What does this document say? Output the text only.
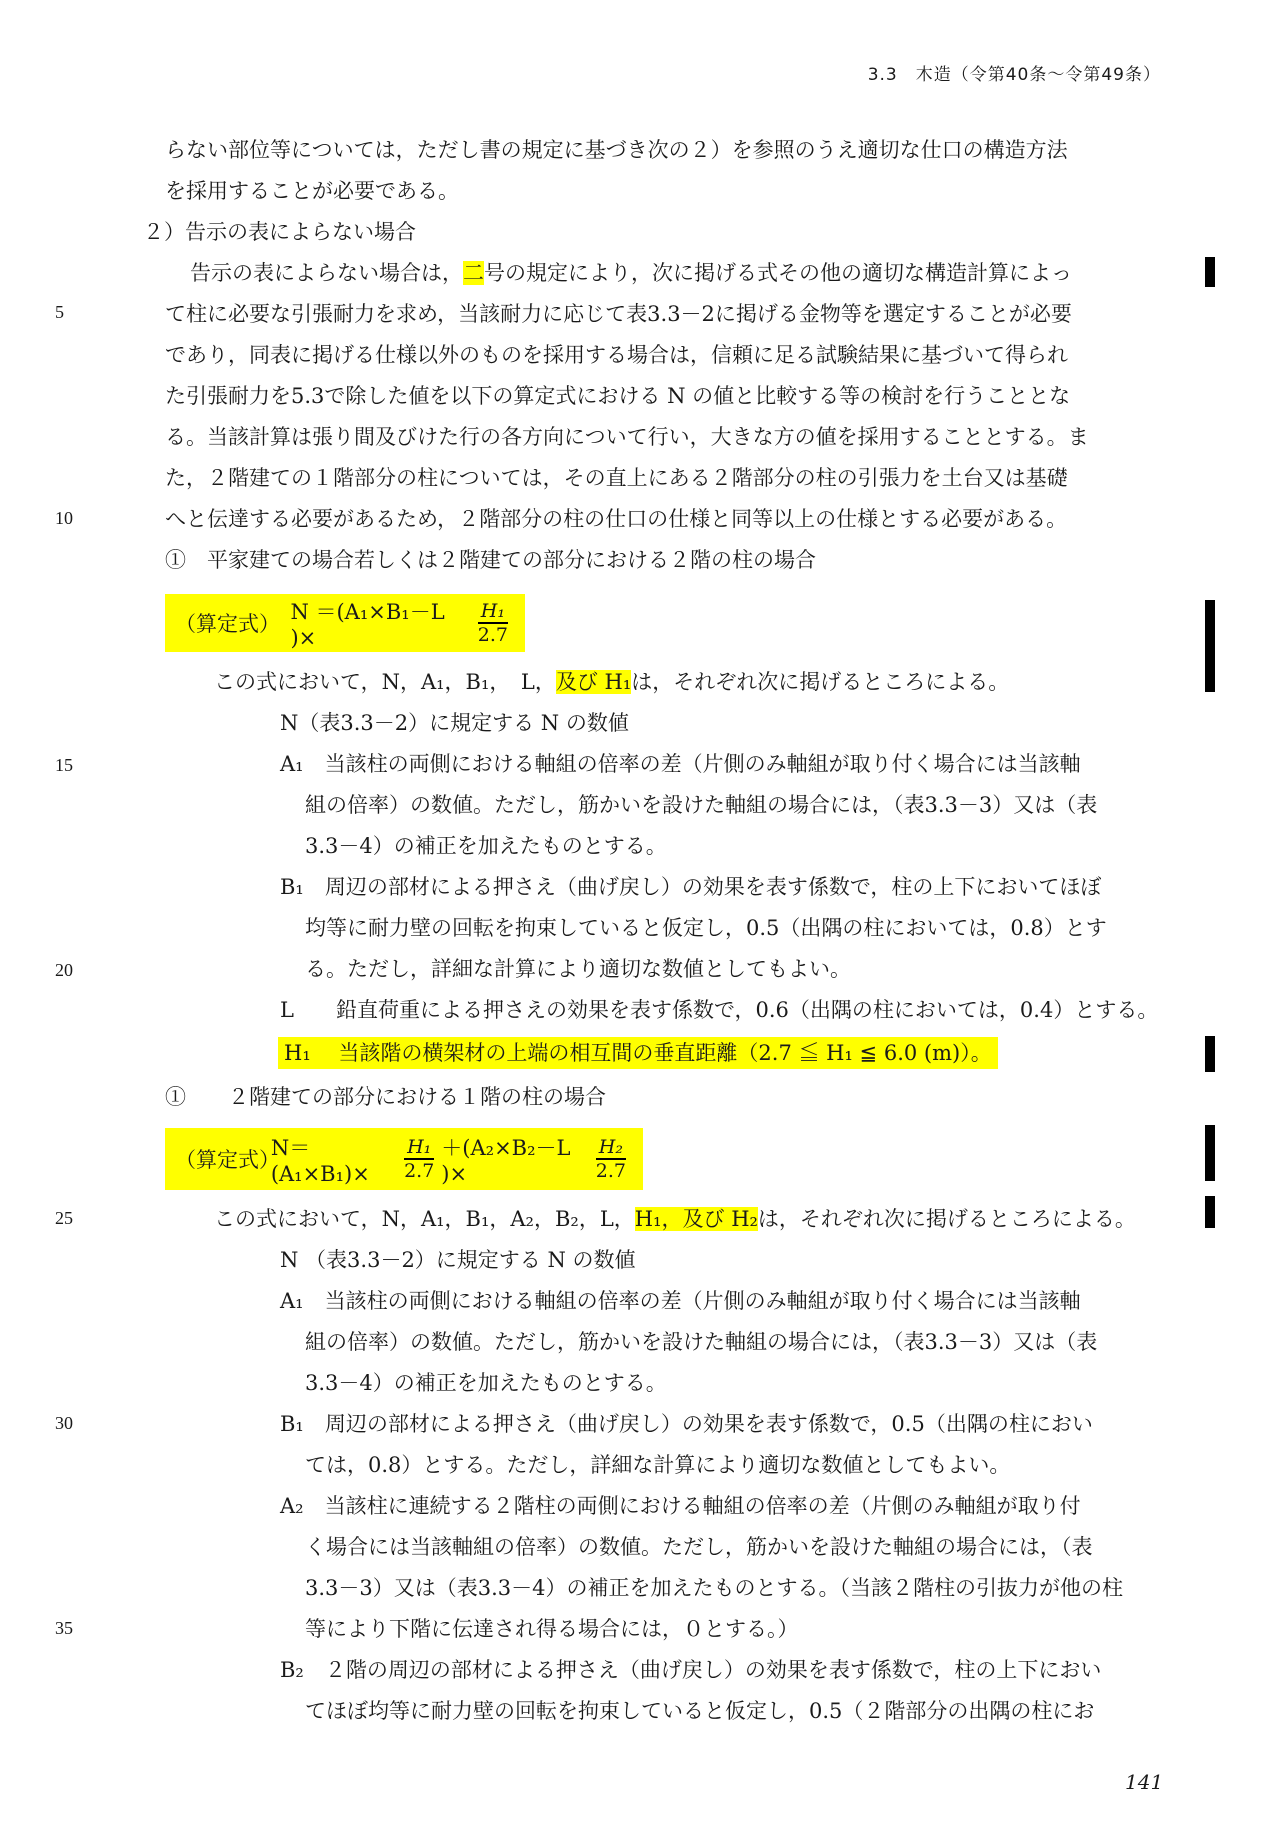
3.3　木造（令第40条～令第49条）
5
10
15
20
25
30
35
らない部位等については，ただし書の規定に基づき次の２）を参照のうえ適切な仕口の構造方法
を採用することが必要である。
２）告示の表によらない場合
告示の表によらない場合は，二号の規定により，次に掲げる式その他の適切な構造計算によっ
て柱に必要な引張耐力を求め，当該耐力に応じて表3.3－2に掲げる金物等を選定することが必要
であり，同表に掲げる仕様以外のものを採用する場合は，信頼に足る試験結果に基づいて得られ
た引張耐力を5.3で除した値を以下の算定式における N の値と比較する等の検討を行うこととな
る。当該計算は張り間及びけた行の各方向について行い，大きな方の値を採用することとする。ま
た，２階建ての１階部分の柱については，その直上にある２階部分の柱の引張力を土台又は基礎
へと伝達する必要があるため，２階部分の柱の仕口の仕様と同等以上の仕様とする必要がある。
①　平家建ての場合若しくは２階建ての部分における２階の柱の場合
（算定式） N ＝(A₁×B₁－L )×	$\frac{\text{H₁}}{2.7}$
この式において，N，A₁，B₁，　L，及び H₁は，それぞれ次に掲げるところによる。
N（表3.3－2）に規定する N の数値
A₁　当該柱の両側における軸組の倍率の差（片側のみ軸組が取り付く場合には当該軸
組の倍率）の数値。ただし，筋かいを設けた軸組の場合には，（表3.3－3）又は（表
3.3－4）の補正を加えたものとする。
B₁　周辺の部材による押さえ（曲げ戻し）の効果を表す係数で，柱の上下においてほぼ
均等に耐力壁の回転を拘束していると仮定し，0.5（出隅の柱においては，0.8）とす
る。ただし，詳細な計算により適切な数値としてもよい。
L　　鉛直荷重による押さえの効果を表す係数で，0.6（出隅の柱においては，0.4）とする。
H₁　 当該階の横架材の上端の相互間の垂直距離（2.7 ≦ H₁ ≦ 6.0 (m)）。
①　　２階建ての部分における１階の柱の場合
（算定式）
N＝(A₁×B₁)×	$\frac{\text{H₁}}{2.7} +(A_2\times B_2-L$ )×	$\frac{\text{H₂}}{2.7}$
この式において，N，A₁，B₁，A₂，B₂，L，H₁，及び H₂は，それぞれ次に掲げるところによる。
N （表3.3－2）に規定する N の数値
A₁　当該柱の両側における軸組の倍率の差（片側のみ軸組が取り付く場合には当該軸
組の倍率）の数値。ただし，筋かいを設けた軸組の場合には，（表3.3－3）又は（表
3.3－4）の補正を加えたものとする。
B₁　周辺の部材による押さえ（曲げ戻し）の効果を表す係数で，0.5（出隅の柱におい
ては，0.8）とする。ただし，詳細な計算により適切な数値としてもよい。
A₂　当該柱に連続する２階柱の両側における軸組の倍率の差（片側のみ軸組が取り付
く場合には当該軸組の倍率）の数値。ただし，筋かいを設けた軸組の場合には，（表
3.3－3）又は（表3.3－4）の補正を加えたものとする。（当該２階柱の引抜力が他の柱
等により下階に伝達され得る場合には，０とする。）
B₂　２階の周辺の部材による押さえ（曲げ戻し）の効果を表す係数で，柱の上下におい
てほぼ均等に耐力壁の回転を拘束していると仮定し，0.5（２階部分の出隅の柱にお
141
